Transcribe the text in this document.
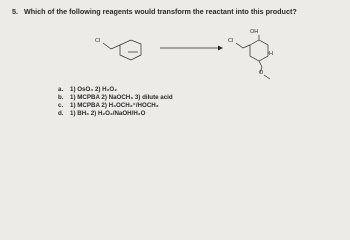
5. Which of the following reagents would transform the reactant into this product?
Cl	Cl
OH
H
O
a. 1) OsO₄ 2) H₂O₂
b. 1) MCPBA 2) NaOCH₃ 3) dilute acid
c. 1) MCPBA 2) H₃OCH₃⁺/HOCH₃
d. 1) BH₃ 2) H₂O₂/NaOH/H₂O
